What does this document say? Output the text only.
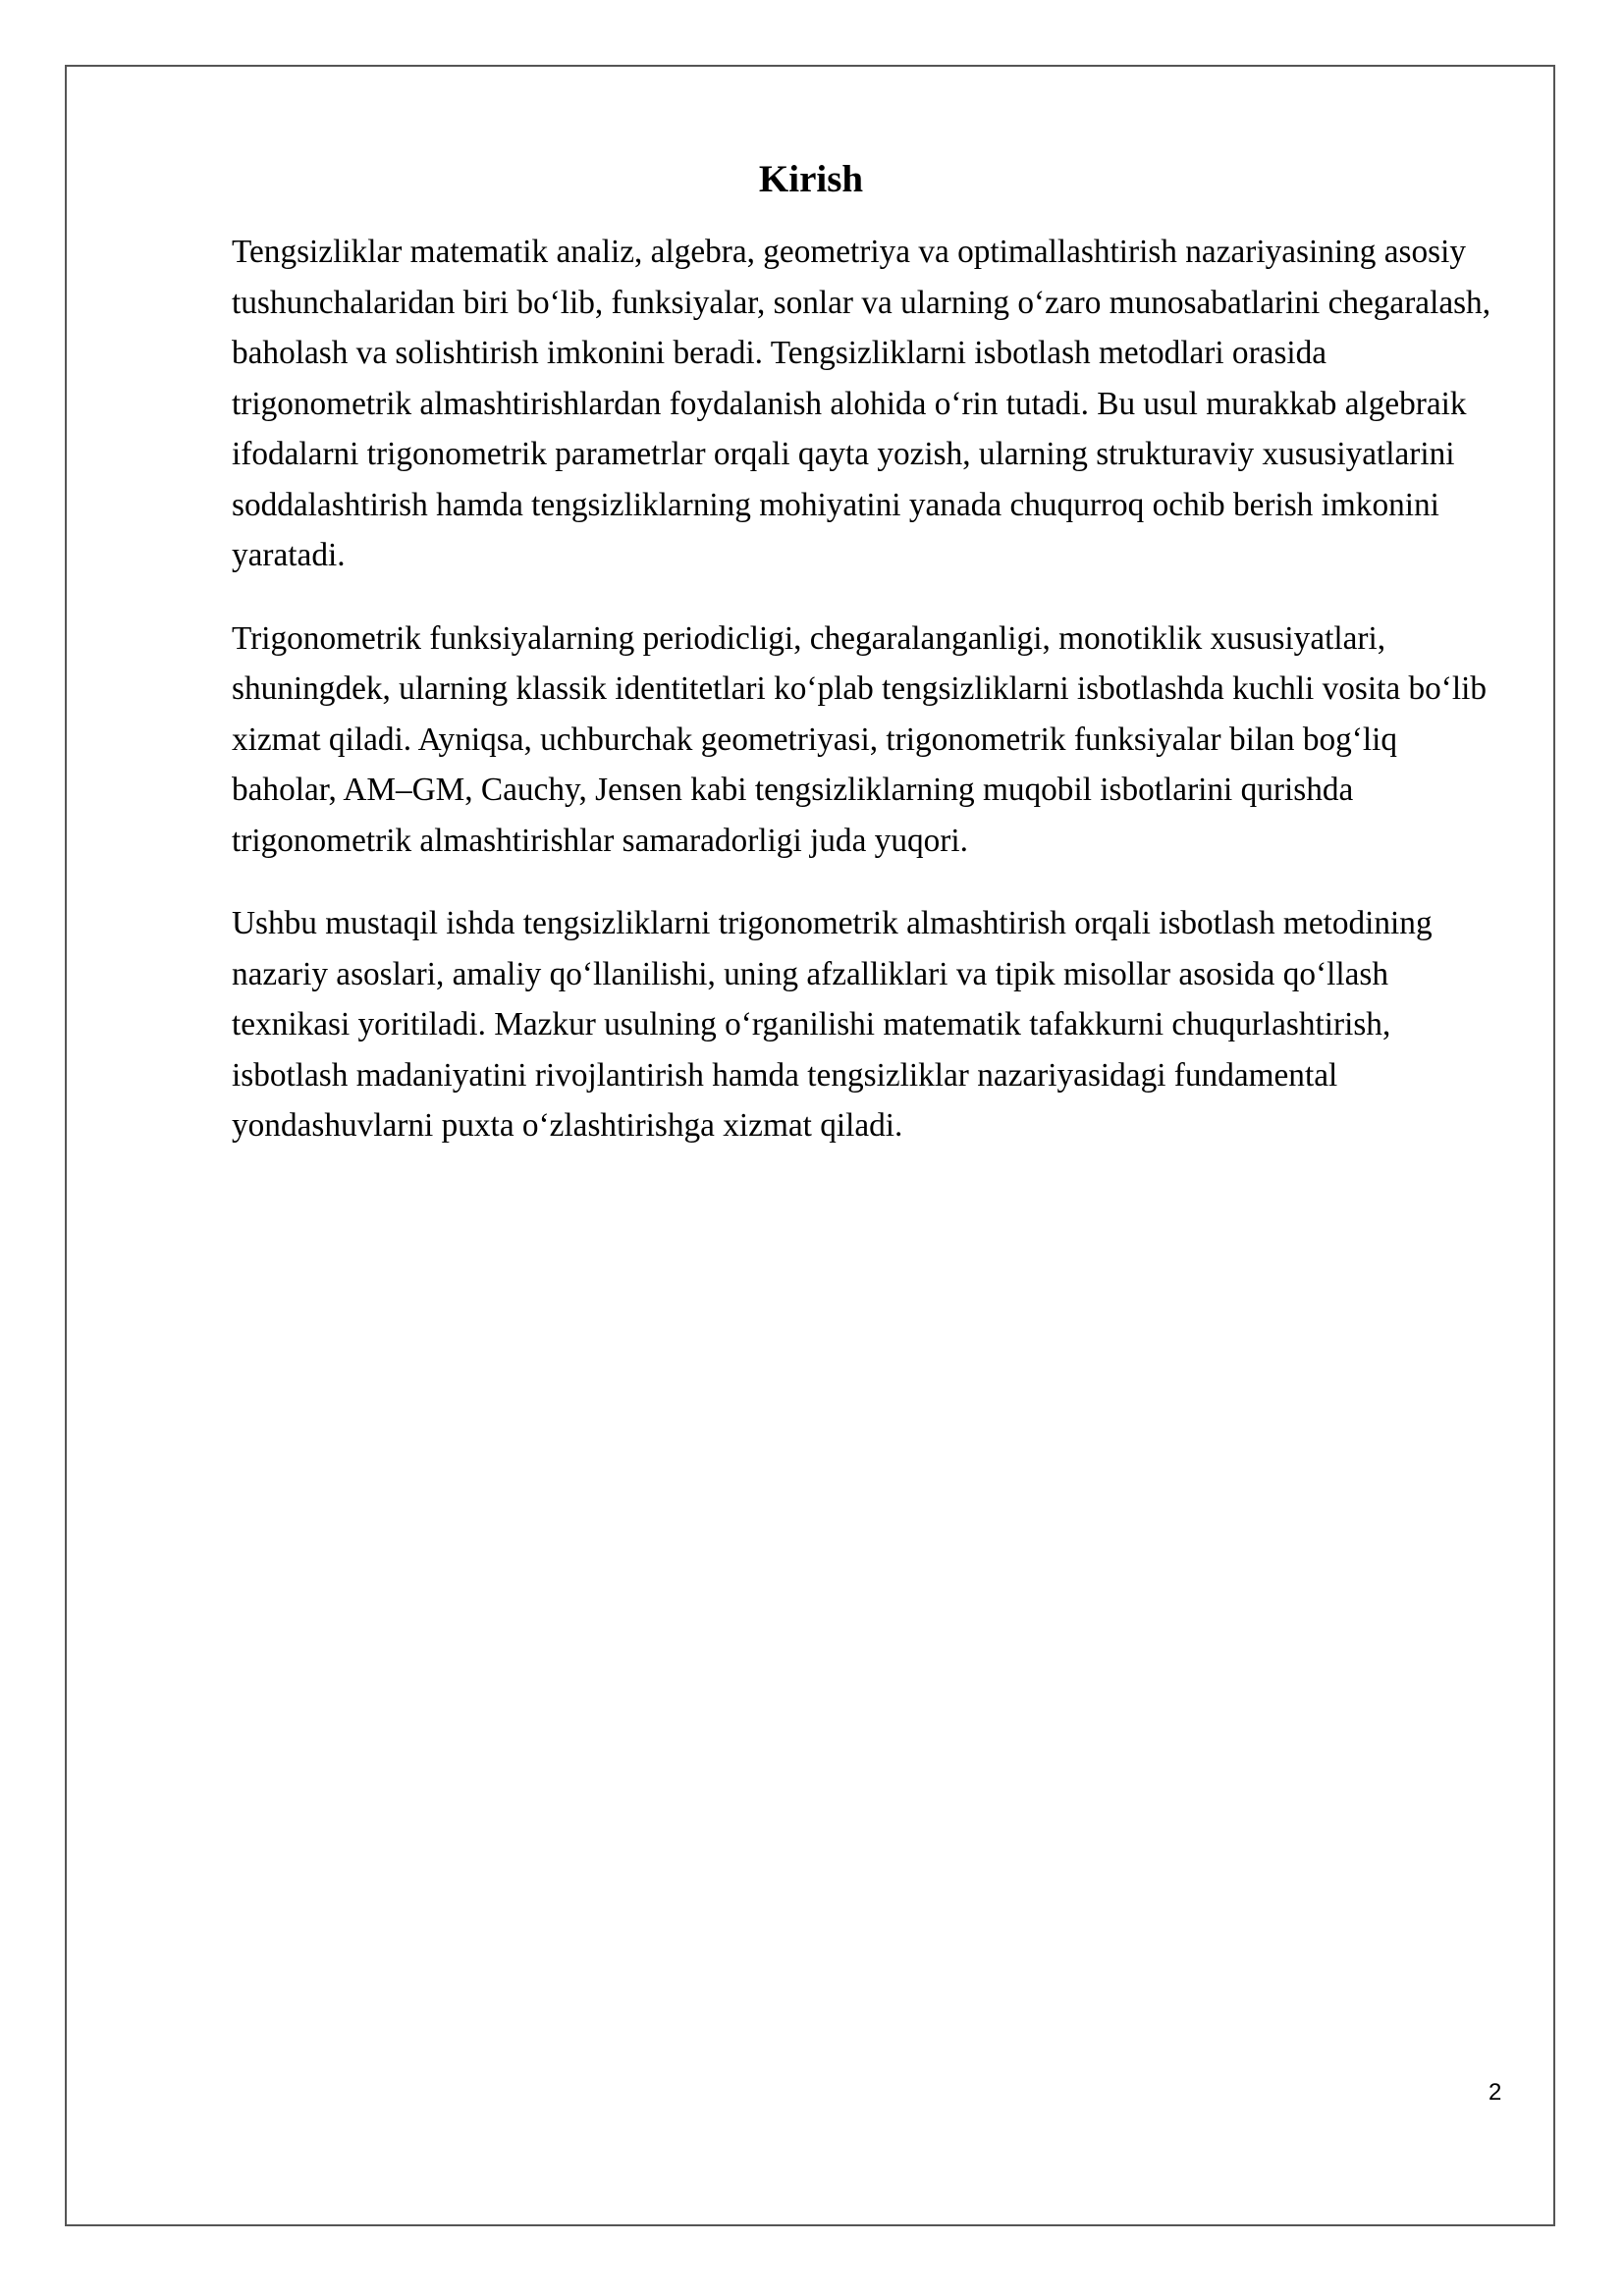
Kirish

Tengsizliklar matematik analiz, algebra, geometriya va optimallashtirish nazariyasining asosiy tushunchalaridan biri bo‘lib, funksiyalar, sonlar va ularning o‘zaro munosabatlarini chegaralash, baholash va solishtirish imkonini beradi. Tengsizliklarni isbotlash metodlari orasida trigonometrik almashtirishlardan foydalanish alohida o‘rin tutadi. Bu usul murakkab algebraik ifodalarni trigonometrik parametrlar orqali qayta yozish, ularning strukturaviy xususiyatlarini soddalashtirish hamda tengsizliklarning mohiyatini yanada chuqurroq ochib berish imkonini yaratadi.

Trigonometrik funksiyalarning periodicligi, chegaralanganligi, monotiklik xususiyatlari, shuningdek, ularning klassik identitetlari ko‘plab tengsizliklarni isbotlashda kuchli vosita bo‘lib xizmat qiladi. Ayniqsa, uchburchak geometriyasi, trigonometrik funksiyalar bilan bog‘liq baholar, AM–GM, Cauchy, Jensen kabi tengsizliklarning muqobil isbotlarini qurishda trigonometrik almashtirishlar samaradorligi juda yuqori.

Ushbu mustaqil ishda tengsizliklarni trigonometrik almashtirish orqali isbotlash metodining nazariy asoslari, amaliy qo‘llanilishi, uning afzalliklari va tipik misollar asosida qo‘llash texnikasi yoritiladi. Mazkur usulning o‘rganilishi matematik tafakkurni chuqurlashtirish, isbotlash madaniyatini rivojlantirish hamda tengsizliklar nazariyasidagi fundamental yondashuvlarni puxta o‘zlashtirishga xizmat qiladi.

2
